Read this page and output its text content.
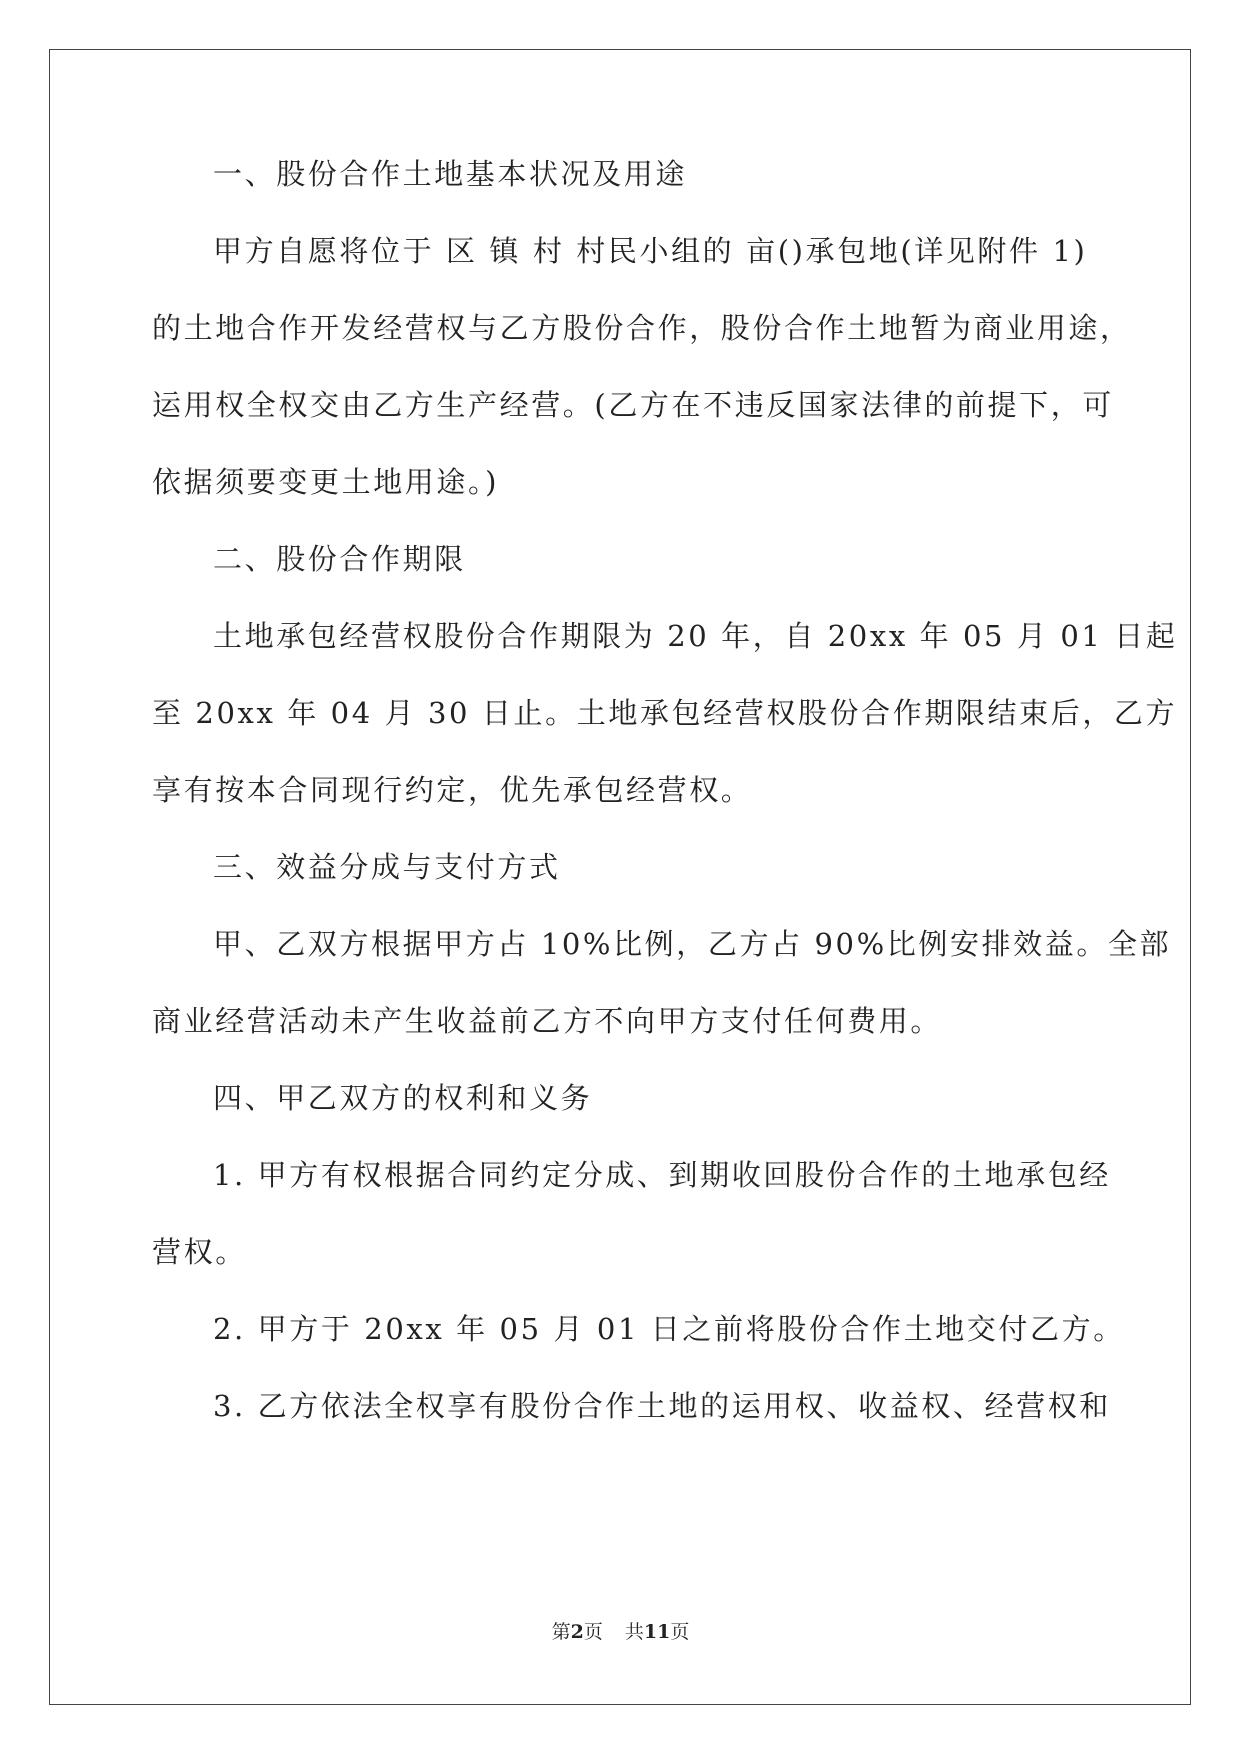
一、股份合作土地基本状况及用途
甲方自愿将位于 区 镇 村 村民小组的 亩()承包地(详见附件 1)
的土地合作开发经营权与乙方股份合作，股份合作土地暂为商业用途，
运用权全权交由乙方生产经营。(乙方在不违反国家法律的前提下，可
依据须要变更土地用途。)
二、股份合作期限
土地承包经营权股份合作期限为 20 年，自 20xx 年 05 月 01 日起
至 20xx 年 04 月 30 日止。土地承包经营权股份合作期限结束后，乙方
享有按本合同现行约定，优先承包经营权。
三、效益分成与支付方式
甲、乙双方根据甲方占 10%比例，乙方占 90%比例安排效益。全部
商业经营活动未产生收益前乙方不向甲方支付任何费用。
四、甲乙双方的权利和义务
1. 甲方有权根据合同约定分成、到期收回股份合作的土地承包经
营权。
2. 甲方于 20xx 年 05 月 01 日之前将股份合作土地交付乙方。
3. 乙方依法全权享有股份合作土地的运用权、收益权、经营权和
第2页 共11页
